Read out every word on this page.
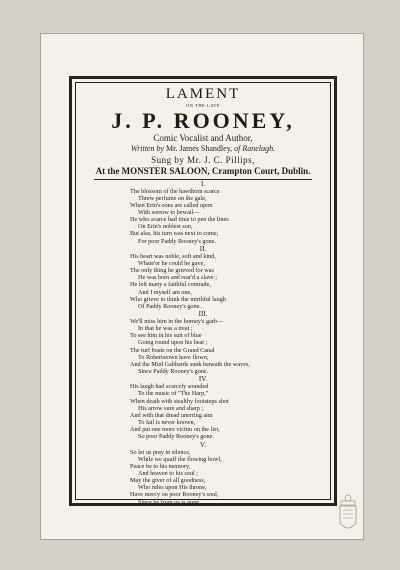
LAMENT
ON THE LATE
J. P. ROONEY,
Comic Vocalist and Author,
Written by Mr. James Shandley, of Ranelagh.
Sung by Mr. J. C. Pillips,
At the MONSTER SALOON, Crampton Court, Dublin.
I.
The blossom of the hawthorn scarce
Threw perfume on the gale,
When Erin's sons are called upon
With sorrow to bewail—
He who scarce had time to pen the lines
On Erin's noblest son,
But alas, his turn was next to come,
For poor Paddy Rooney's gone.
II.
His heart was noble, soft and kind,
Whate'er he could he gave,
The only thing he grieved for was
He was born and rear'd a slave ;
He left many a faithful comrade,
And I myself am one,
Who grieve to think the mirthful laugh
Of Paddy Rooney's gone.
III.
We'll miss him in the horney's garb—
In that he was a treat ;
To see him in his suit of blue
Going round upon his beat ;
The turf boats on the Grand Canal
To Robertstown have flown,
And the Mud Gabbards sunk beneath the waves,
Since Paddy Rooney's gone.
IV.
His laugh had scarcely sounded
To the music of "The Harp,"
When death with stealthy footsteps shot
His arrow sure and sharp ;
And with that dread unerring aim
To fail is never known,
And put one more victim on the list,
So poor Paddy Rooney's gone.
V.
So let us pray in silence,
While we quaff the flowing bowl,
Peace be to his memory,
And heaven to his soul ;
May the giver of all goodness,
Who rules upon His throne,
Have mercy on poor Rooney's soul,
Since he from us is gone.
